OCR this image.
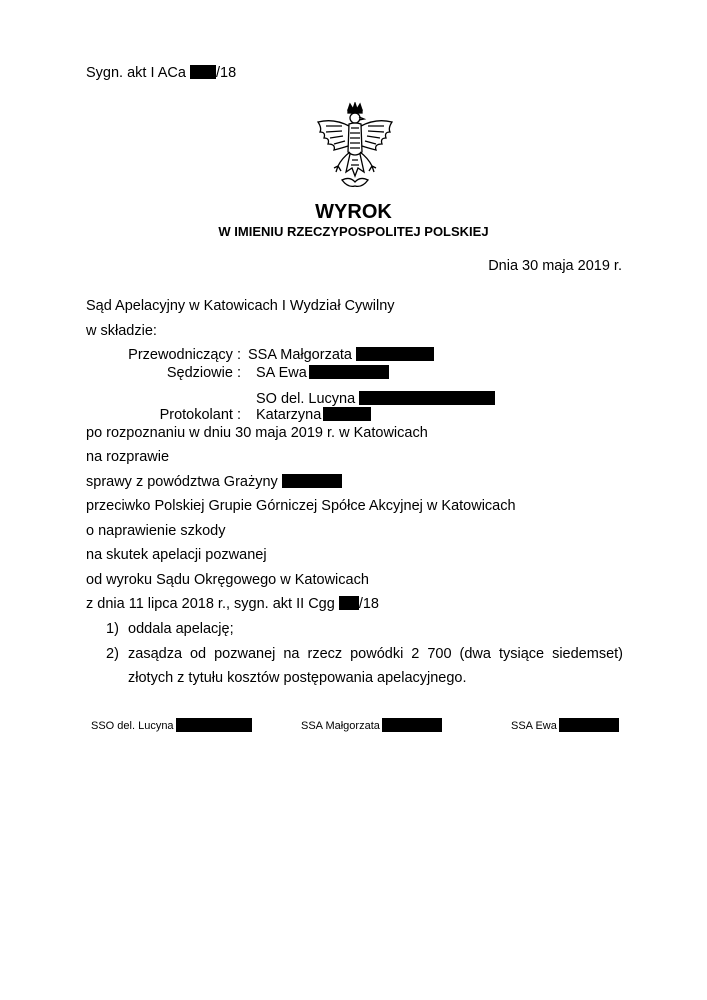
Sygn. akt I ACa /18
WYROK
W IMIENIU RZECZYPOSPOLITEJ POLSKIEJ
Dnia 30 maja 2019 r.
Sąd Apelacyjny w Katowicach I Wydział Cywilny
w składzie:
Przewodniczący : SSA Małgorzata
Sędziowie : SA Ewa
SO del. Lucyna
Protokolant : Katarzyna
po rozpoznaniu w dniu 30 maja 2019 r. w Katowicach
na rozprawie
sprawy z powództwa Grażyny
przeciwko Polskiej Grupie Górniczej Spółce Akcyjnej w Katowicach
o naprawienie szkody
na skutek apelacji pozwanej
od wyroku Sądu Okręgowego w Katowicach
z dnia 11 lipca 2018 r., sygn. akt II Cgg /18
1) oddala apelację;
2) zasądza od pozwanej na rzecz powódki 2 700 (dwa tysiące siedemset)
złotych z tytułu kosztów postępowania apelacyjnego.
SSO del. Lucyna	SSA Małgorzata	SSA Ewa
